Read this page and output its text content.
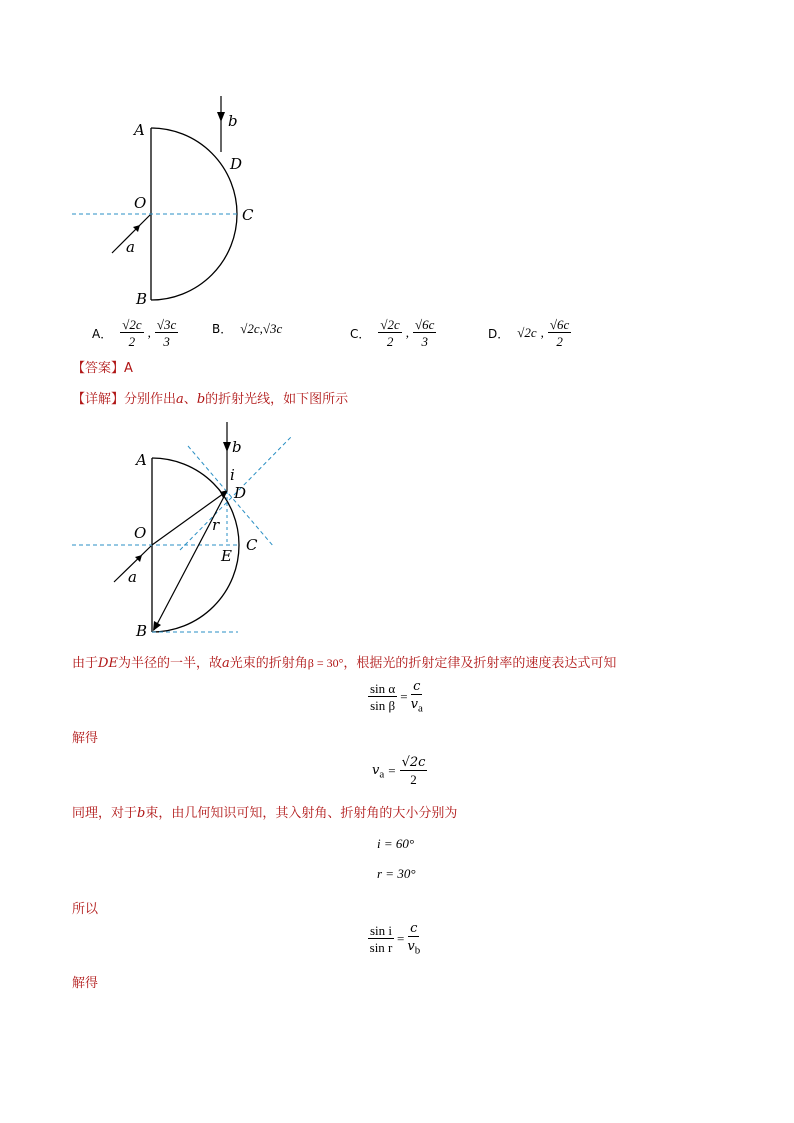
A
O
B
b
D
C
a
A． $\frac{√2c}{2}$ , $\frac{√3c}{3}$	B． √2c,√3c	C． $\frac{√2c}{2}$ , $\frac{√6c}{3}$	D． √2c , $\frac{√6c}{2}$
【答案】A
【详解】分别作出a、b的折射光线，如下图所示
A
O
B
b
i
D
r
C
E
a
由于DE为半径的一半，故a光束的折射角β = 30°，根据光的折射定律及折射率的速度表达式可知
$\frac{\text{sin α}}{\text{sin β}} = \frac{c}{v_a}$
解得
$v_a = \frac{√2c}{2}$
同理，对于b束，由几何知识可知，其入射角、折射角的大小分别为
i = 60°
r = 30°
所以
$\frac{\text{sin i}}{\text{sin r}} = \frac{c}{v_b}$
解得
